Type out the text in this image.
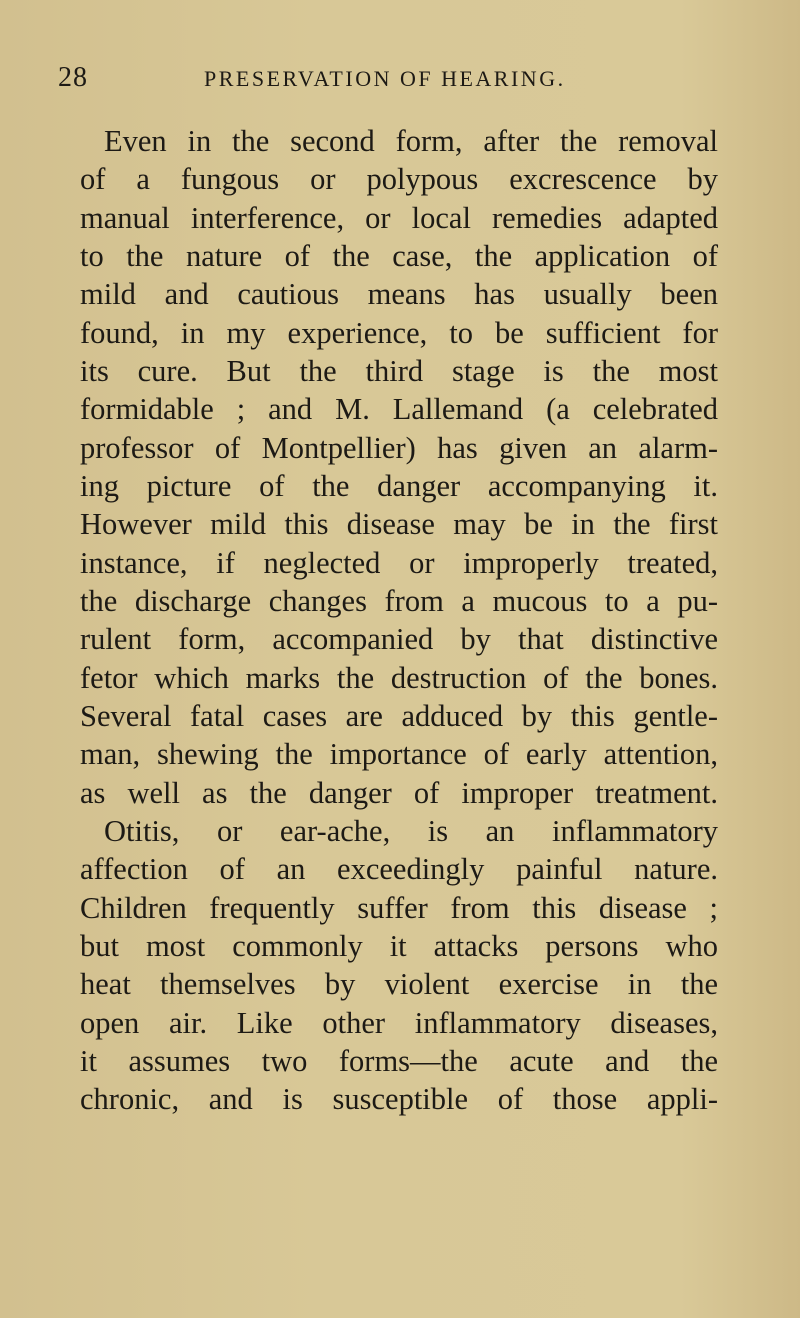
28	PRESERVATION OF HEARING.
Even in the second form, after the removal
of a fungous or polypous excrescence by
manual interference, or local remedies adapted
to the nature of the case, the application of
mild and cautious means has usually been
found, in my experience, to be sufficient for
its cure. But the third stage is the most
formidable ; and M. Lallemand (a celebrated
professor of Montpellier) has given an alarm-
ing picture of the danger accompanying it.
However mild this disease may be in the first
instance, if neglected or improperly treated,
the discharge changes from a mucous to a pu-
rulent form, accompanied by that distinctive
fetor which marks the destruction of the bones.
Several fatal cases are adduced by this gentle-
man, shewing the importance of early attention,
as well as the danger of improper treatment.
Otitis, or ear-ache, is an inflammatory
affection of an exceedingly painful nature.
Children frequently suffer from this disease ;
but most commonly it attacks persons who
heat themselves by violent exercise in the
open air. Like other inflammatory diseases,
it assumes two forms—the acute and the
chronic, and is susceptible of those appli-
